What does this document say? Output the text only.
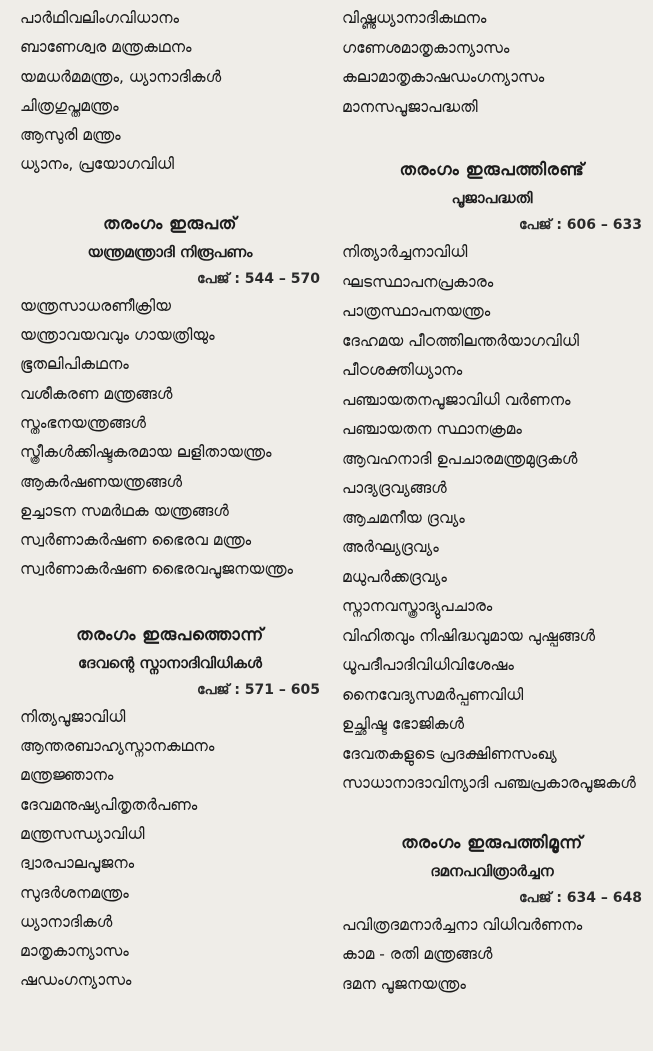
പാർഥിവലിംഗവിധാനം
ബാണേശ്വര മന്ത്രകഥനം
യമധർമമന്ത്രം, ധ്യാനാദികൾ
ചിത്രഗുപ്തമന്ത്രം
ആസുരി മന്ത്രം
ധ്യാനം, പ്രയോഗവിധി
തരംഗം ഇരുപത്
യന്ത്രമന്ത്രാദി നിരൂപണം
പേജ് : 544 – 570
യന്ത്രസാധരണീക്രിയ
യന്ത്രാവയവവും ഗായത്രിയും
ഭൂതലിപികഥനം
വശീകരണ മന്ത്രങ്ങൾ
സ്തംഭനയന്ത്രങ്ങൾ
സ്ത്രീകൾക്കിഷ്ടകരമായ ലളിതായന്ത്രം
ആകർഷണയന്ത്രങ്ങൾ
ഉച്ചാടന സമർഥക യന്ത്രങ്ങൾ
സ്വർണാകർഷണ ഭൈരവ മന്ത്രം
സ്വർണാകർഷണ ഭൈരവപൂജനയന്ത്രം
തരംഗം ഇരുപത്തൊന്ന്
ദേവന്റെ സ്നാനാദിവിധികൾ
പേജ് : 571 – 605
നിത്യപൂജാവിധി
ആന്തരബാഹ്യസ്നാനകഥനം
മന്ത്രജ്ഞാനം
ദേവമനുഷ്യപിതൃതർപണം
മന്ത്രസന്ധ്യാവിധി
ദ്വാരപാലപൂജനം
സുദർശനമന്ത്രം
ധ്യാനാദികൾ
മാതൃകാന്യാസം
ഷഡംഗന്യാസം
വിഷ്ണുധ്യാനാദികഥനം
ഗണേശമാതൃകാന്യാസം
കലാമാതൃകാഷഡംഗന്യാസം
മാനസപൂജാപദ്ധതി
തരംഗം ഇരുപത്തിരണ്ട്
പൂജാപദ്ധതി
പേജ് : 606 – 633
നിത്യാർച്ചനാവിധി
ഘടസ്ഥാപനപ്രകാരം
പാത്രസ്ഥാപനയന്ത്രം
ദേഹമയ പീഠത്തിലന്തർയാഗവിധി
പീഠശക്തിധ്യാനം
പഞ്ചായതനപൂജാവിധി വർണനം
പഞ്ചായതന സ്ഥാനക്രമം
ആവഹനാദി ഉപചാരമന്ത്രമുദ്രകൾ
പാദ്യദ്രവ്യങ്ങൾ
ആചമനീയ ദ്രവ്യം
അർഘ്യദ്രവ്യം
മധുപർക്കദ്രവ്യം
സ്നാനവസ്ത്രാദ്യുപചാരം
വിഹിതവും നിഷിദ്ധവുമായ പുഷ്പങ്ങൾ
ധൂപദീപാദിവിധിവിശേഷം
നൈവേദ്യസമർപ്പണവിധി
ഉച്ഛിഷ്ട ഭോജികൾ
ദേവതകളുടെ പ്രദക്ഷിണസംഖ്യ
സാധാനാദാവിന്യാദി പഞ്ചപ്രകാരപൂജകൾ
തരംഗം ഇരുപത്തിമൂന്ന്
ദമനപവിത്രാർച്ചന
പേജ് : 634 – 648
പവിത്രദമനാർച്ചനാ വിധിവർണനം
കാമ - രതി മന്ത്രങ്ങൾ
ദമന പൂജനയന്ത്രം
